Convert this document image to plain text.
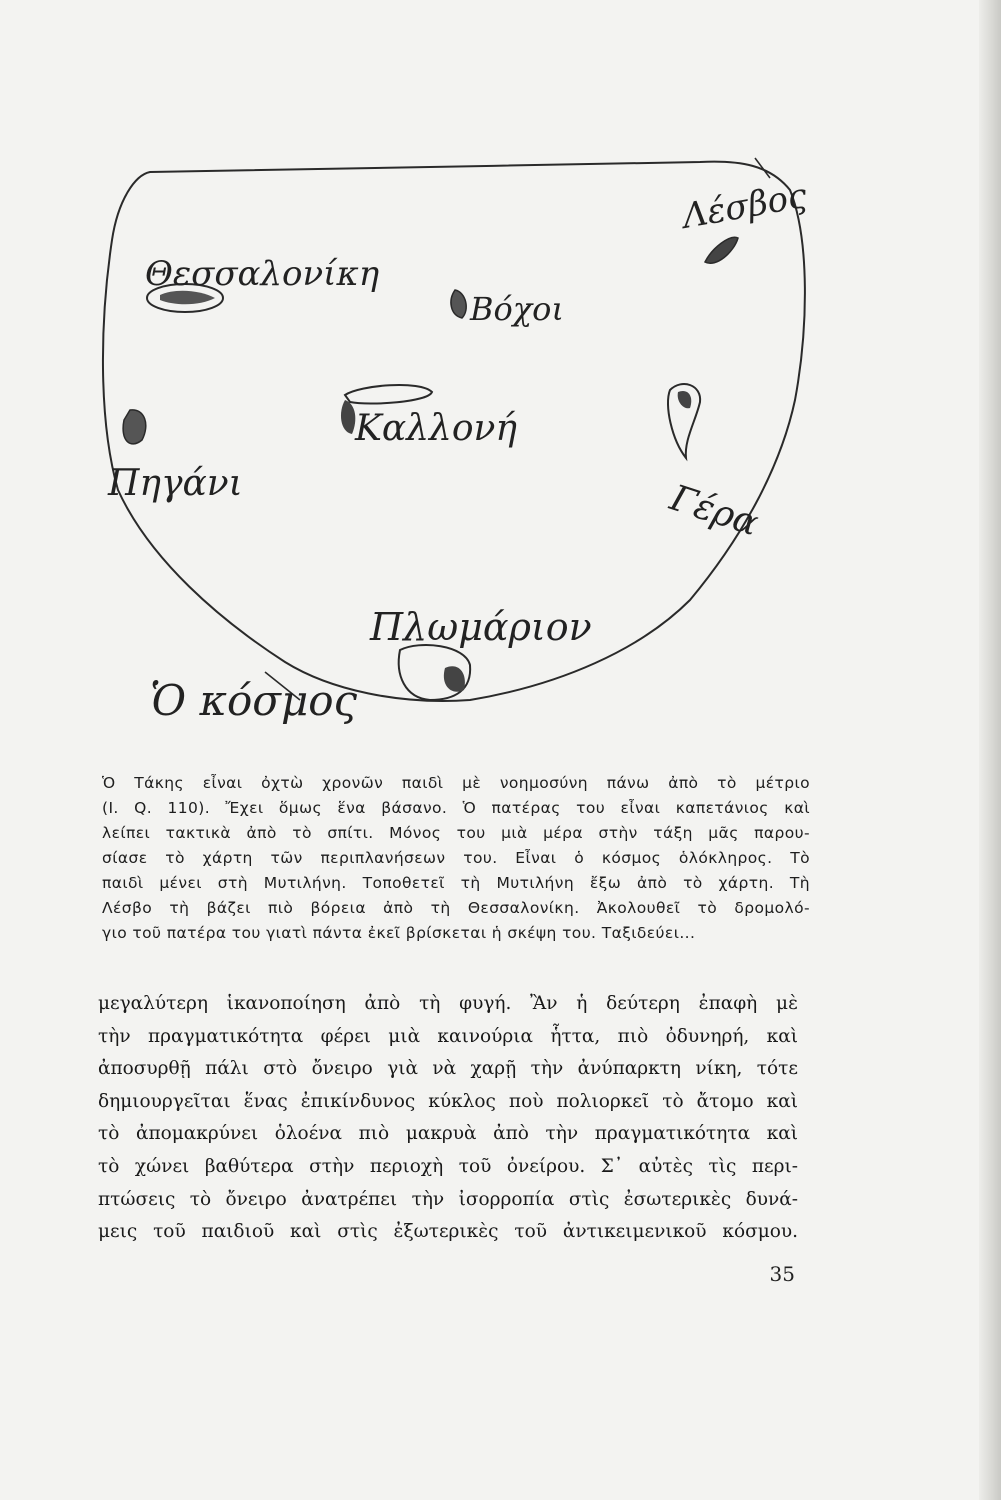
Θεσσαλονίκη
Βόχοι
Λέσβος
Καλλονή
Πηγάνι	Γέρα
Πλωμάριον
Ὁ κόσμος

Ὁ Τάκης εἶναι ὀχτὼ χρονῶν παιδὶ μὲ νοημοσύνη πάνω ἀπὸ τὸ μέτριο

(I. Q. 110). Ἔχει ὅμως ἕνα βάσανο. Ὁ πατέρας του εἶναι καπετάνιος καὶ

λείπει τακτικὰ ἀπὸ τὸ σπίτι. Μόνος του μιὰ μέρα στὴν τάξη μᾶς παρου-

σίασε τὸ χάρτη τῶν περιπλανήσεων του. Εἶναι ὁ κόσμος ὁλόκληρος. Τὸ

παιδὶ μένει στὴ Μυτιλήνη. Τοποθετεῖ τὴ Μυτιλήνη ἔξω ἀπὸ τὸ χάρτη. Τὴ

Λέσβο τὴ βάζει πιὸ βόρεια ἀπὸ τὴ Θεσσαλονίκη. Ἀκολουθεῖ τὸ δρομολό-

γιο τοῦ πατέρα του γιατὶ πάντα ἐκεῖ βρίσκεται ἡ σκέψη του. Ταξιδεύει...

μεγαλύτερη ἱκανοποίηση ἀπὸ τὴ φυγή. Ἂν ἡ δεύτερη ἐπαφὴ μὲ

τὴν πραγματικότητα φέρει μιὰ καινούρια ἧττα, πιὸ ὀδυνηρή, καὶ

ἀποσυρθῇ πάλι στὸ ὄνειρο γιὰ νὰ χαρῇ τὴν ἀνύπαρκτη νίκη, τότε

δημιουργεῖται ἕνας ἐπικίνδυνος κύκλος ποὺ πολιορκεῖ τὸ ἄτομο καὶ

τὸ ἀπομακρύνει ὁλοένα πιὸ μακρυὰ ἀπὸ τὴν πραγματικότητα καὶ

τὸ χώνει βαθύτερα στὴν περιοχὴ τοῦ ὀνείρου. Σ᾿ αὐτὲς τὶς περι-

πτώσεις τὸ ὄνειρο ἀνατρέπει τὴν ἰσορροπία στὶς ἐσωτερικὲς δυνά-

μεις τοῦ παιδιοῦ καὶ στὶς ἐξωτερικὲς τοῦ ἀντικειμενικοῦ κόσμου.

35
